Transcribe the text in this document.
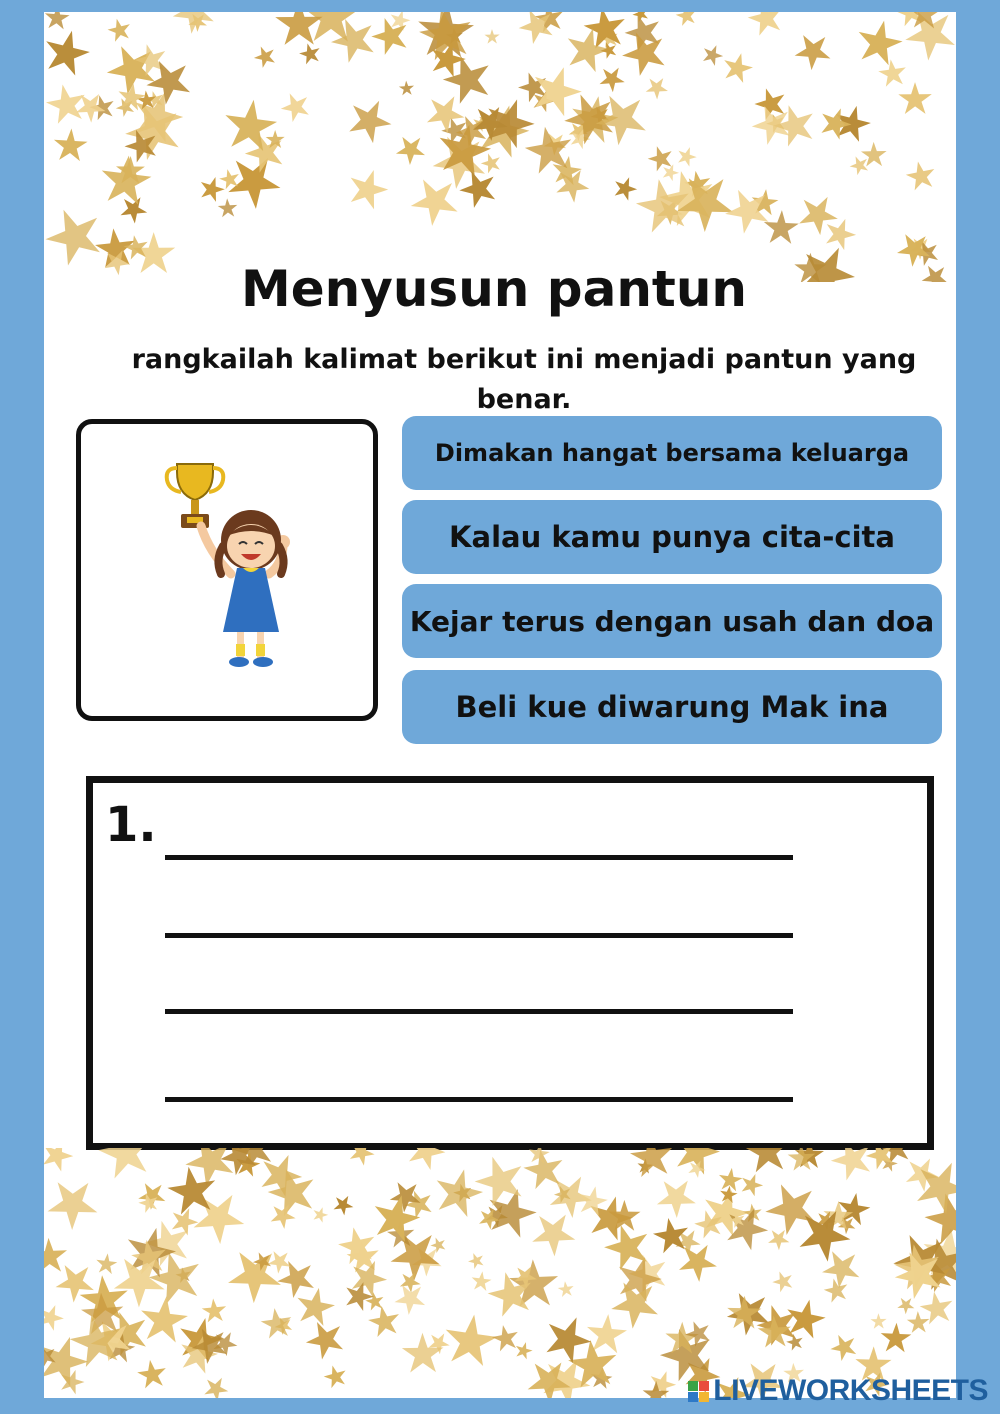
Menyusun pantun

rangkailah kalimat berikut ini menjadi pantun yang
benar.

Dimakan hangat bersama keluarga
Kalau kamu punya cita-cita
Kejar terus dengan usah dan doa
Beli kue diwarung Mak ina
1.
LIVEWORKSHEETS
